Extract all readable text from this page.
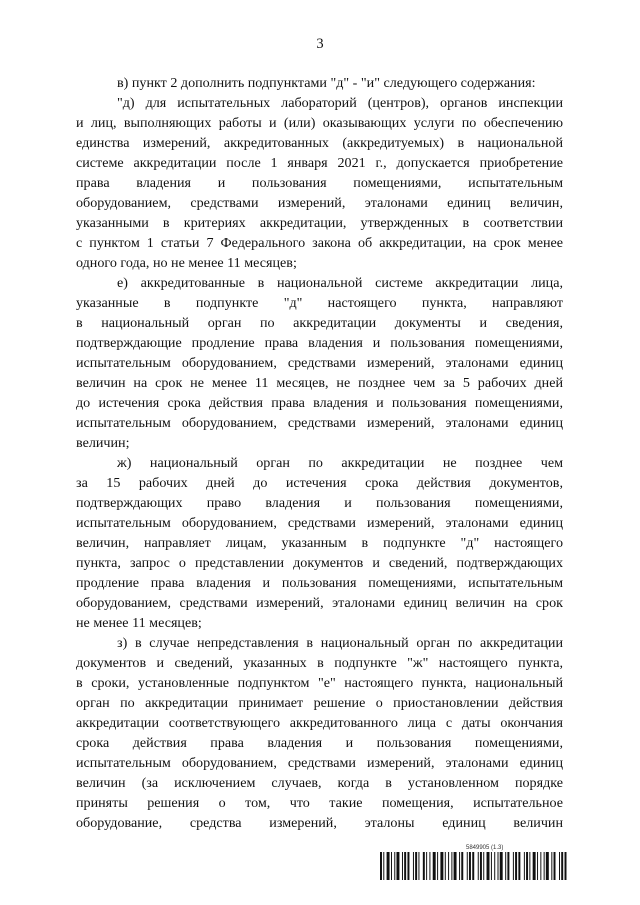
3
в) пункт 2 дополнить подпунктами "д" - "и" следующего содержания:
"д) для испытательных лабораторий (центров), органов инспекции
и лиц, выполняющих работы и (или) оказывающих услуги по обеспечению
единства измерений, аккредитованных (аккредитуемых) в национальной
системе аккредитации после 1 января 2021 г., допускается приобретение
права владения и пользования помещениями, испытательным
оборудованием, средствами измерений, эталонами единиц величин,
указанными в критериях аккредитации, утвержденных в соответствии
с пунктом 1 статьи 7 Федерального закона об аккредитации, на срок менее
одного года, но не менее 11 месяцев;
е) аккредитованные в национальной системе аккредитации лица,
указанные в подпункте "д" настоящего пункта, направляют
в национальный орган по аккредитации документы и сведения,
подтверждающие продление права владения и пользования помещениями,
испытательным оборудованием, средствами измерений, эталонами единиц
величин на срок не менее 11 месяцев, не позднее чем за 5 рабочих дней
до истечения срока действия права владения и пользования помещениями,
испытательным оборудованием, средствами измерений, эталонами единиц
величин;
ж) национальный орган по аккредитации не позднее чем
за 15 рабочих дней до истечения срока действия документов,
подтверждающих право владения и пользования помещениями,
испытательным оборудованием, средствами измерений, эталонами единиц
величин, направляет лицам, указанным в подпункте "д" настоящего
пункта, запрос о представлении документов и сведений, подтверждающих
продление права владения и пользования помещениями, испытательным
оборудованием, средствами измерений, эталонами единиц величин на срок
не менее 11 месяцев;
з) в случае непредставления в национальный орган по аккредитации
документов и сведений, указанных в подпункте "ж" настоящего пункта,
в сроки, установленные подпунктом "е" настоящего пункта, национальный
орган по аккредитации принимает решение о приостановлении действия
аккредитации соответствующего аккредитованного лица с даты окончания
срока действия права владения и пользования помещениями,
испытательным оборудованием, средствами измерений, эталонами единиц
величин (за исключением случаев, когда в установленном порядке
приняты решения о том, что такие помещения, испытательное
оборудование, средства измерений, эталоны единиц величин
5849905 (1.3)
